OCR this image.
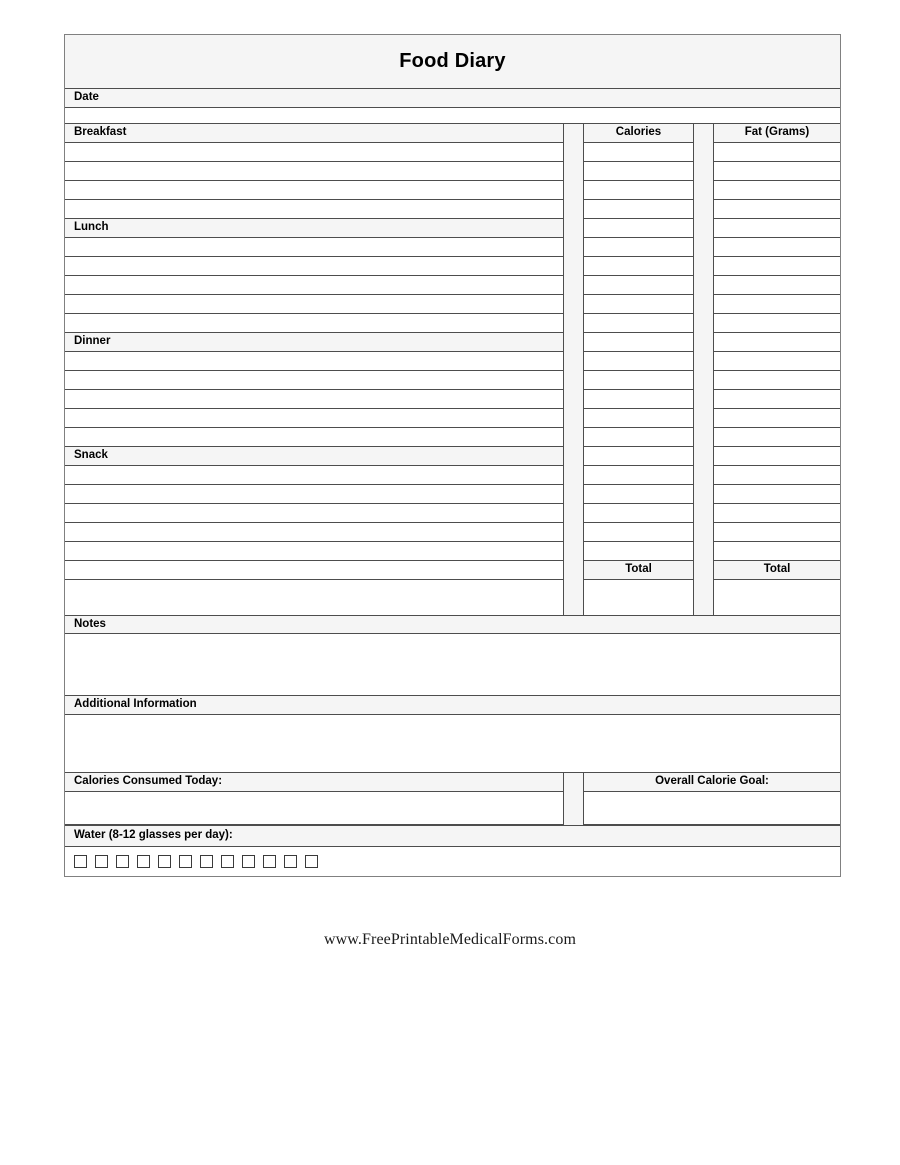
Food Diary
Date
Breakfast
Lunch
Dinner
Snack
Calories
Total
Fat (Grams)
Total
Notes
Additional Information
Calories Consumed Today:	Overall Calorie Goal:
Water (8-12 glasses per day):
www.FreePrintableMedicalForms.com
